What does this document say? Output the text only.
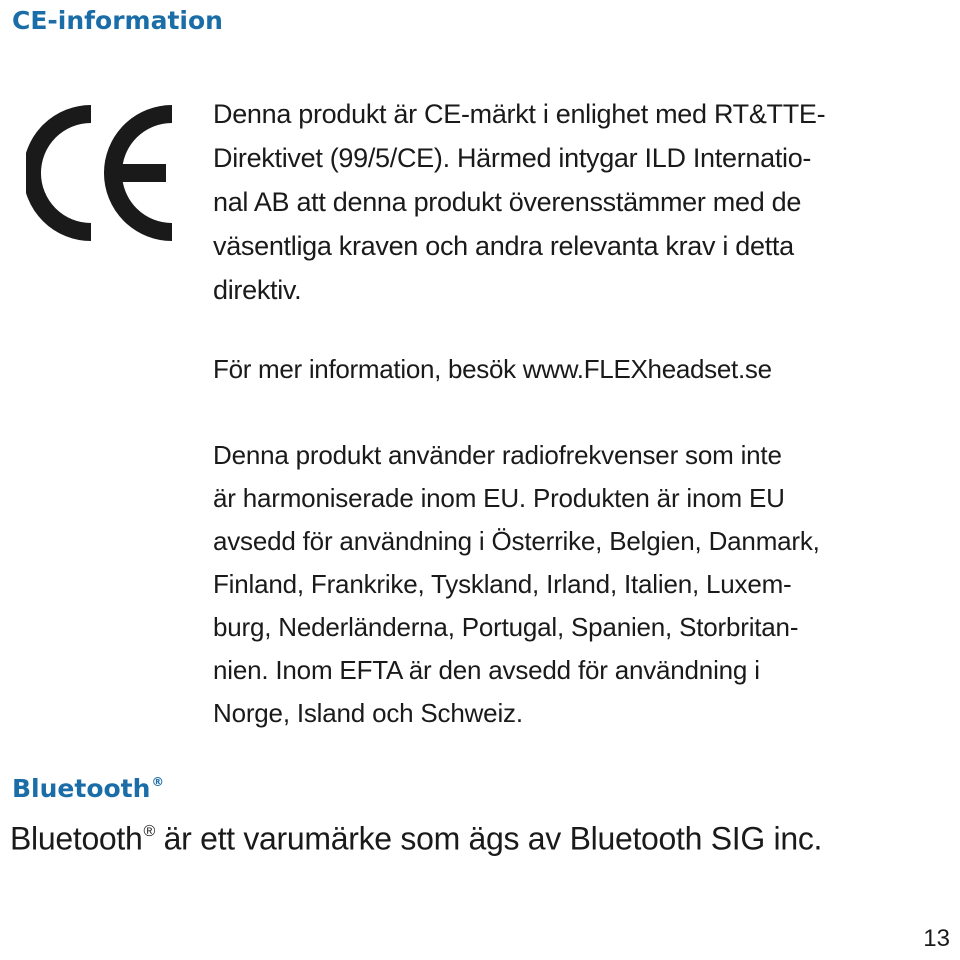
CE-information

Denna produkt är CE-märkt i enlighet med RT&TTE-
Direktivet (99/5/CE). Härmed intygar ILD Internatio-
nal AB att denna produkt överensstämmer med de
väsentliga kraven och andra relevanta krav i detta
direktiv.

För mer information, besök www.FLEXheadset.se

Denna produkt använder radiofrekvenser som inte
är harmoniserade inom EU. Produkten är inom EU
avsedd för användning i Österrike, Belgien, Danmark,
Finland, Frankrike, Tyskland, Irland, Italien, Luxem-
burg, Nederländerna, Portugal, Spanien, Storbritan-
nien. Inom EFTA är den avsedd för användning i
Norge, Island och Schweiz.

Bluetooth®

Bluetooth® är ett varumärke som ägs av Bluetooth SIG inc.

13
